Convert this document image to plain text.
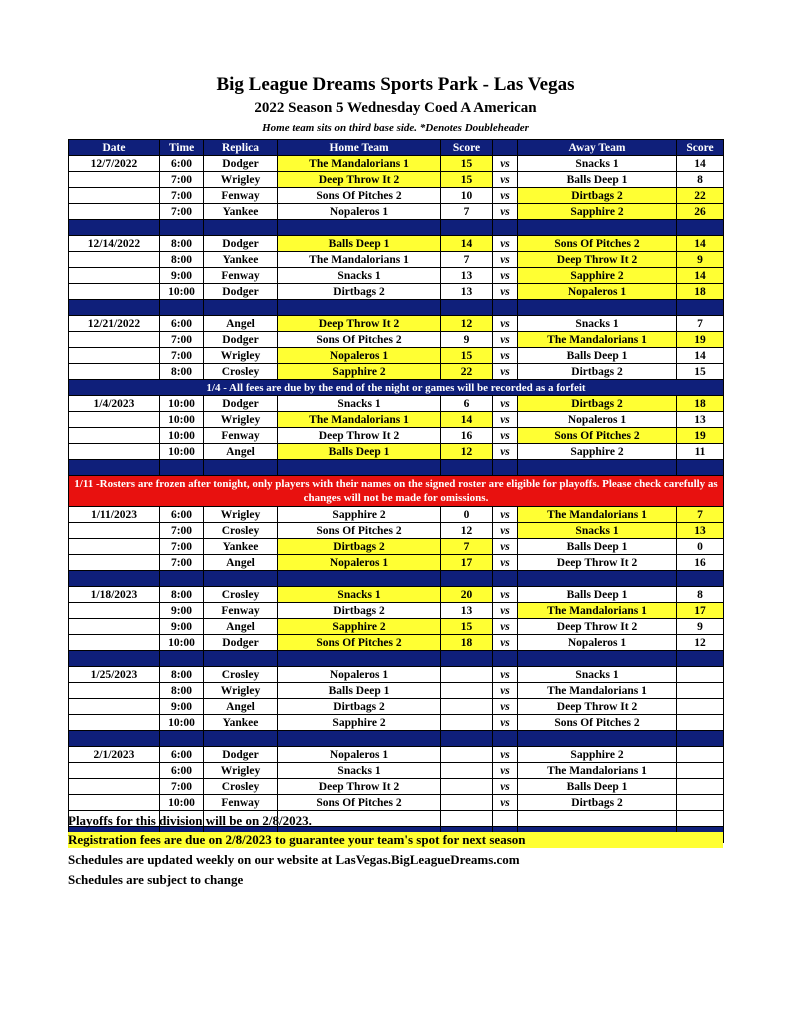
Big League Dreams Sports Park - Las Vegas
2022 Season 5 Wednesday Coed A American
Home team sits on third base side. *Denotes Doubleheader
Date	Time	Replica	Home Team	Score		Away Team	Score
12/7/2022	6:00	Dodger	The Mandalorians 1	15	vs	Snacks 1	14
	7:00	Wrigley	Deep Throw It 2	15	vs	Balls Deep 1	8
	7:00	Fenway	Sons Of Pitches 2	10	vs	Dirtbags 2	22
	7:00	Yankee	Nopaleros 1	7	vs	Sapphire 2	26

12/14/2022	8:00	Dodger	Balls Deep 1	14	vs	Sons Of Pitches 2	14
	8:00	Yankee	The Mandalorians 1	7	vs	Deep Throw It 2	9
	9:00	Fenway	Snacks 1	13	vs	Sapphire 2	14
	10:00	Dodger	Dirtbags 2	13	vs	Nopaleros 1	18

12/21/2022	6:00	Angel	Deep Throw It 2	12	vs	Snacks 1	7
	7:00	Dodger	Sons Of Pitches 2	9	vs	The Mandalorians 1	19
	7:00	Wrigley	Nopaleros 1	15	vs	Balls Deep 1	14
	8:00	Crosley	Sapphire 2	22	vs	Dirtbags 2	15
1/4 - All fees are due by the end of the night or games will be recorded as a forfeit							
1/4/2023	10:00	Dodger	Snacks 1	6	vs	Dirtbags 2	18
	10:00	Wrigley	The Mandalorians 1	14	vs	Nopaleros 1	13
	10:00	Fenway	Deep Throw It 2	16	vs	Sons Of Pitches 2	19
	10:00	Angel	Balls Deep 1	12	vs	Sapphire 2	11

1/11 -Rosters are frozen after tonight, only players with their names on the signed roster are eligible for playoffs. Please check carefully as changes will not be made for omissions.							
1/11/2023	6:00	Wrigley	Sapphire 2	0	vs	The Mandalorians 1	7
	7:00	Crosley	Sons Of Pitches 2	12	vs	Snacks 1	13
	7:00	Yankee	Dirtbags 2	7	vs	Balls Deep 1	0
	7:00	Angel	Nopaleros 1	17	vs	Deep Throw It 2	16

1/18/2023	8:00	Crosley	Snacks 1	20	vs	Balls Deep 1	8
	9:00	Fenway	Dirtbags 2	13	vs	The Mandalorians 1	17
	9:00	Angel	Sapphire 2	15	vs	Deep Throw It 2	9
	10:00	Dodger	Sons Of Pitches 2	18	vs	Nopaleros 1	12

1/25/2023	8:00	Crosley	Nopaleros 1		vs	Snacks 1	
	8:00	Wrigley	Balls Deep 1		vs	The Mandalorians 1	
	9:00	Angel	Dirtbags 2		vs	Deep Throw It 2	
	10:00	Yankee	Sapphire 2		vs	Sons Of Pitches 2	

2/1/2023	6:00	Dodger	Nopaleros 1		vs	Sapphire 2	
	6:00	Wrigley	Snacks 1		vs	The Mandalorians 1	
	7:00	Crosley	Deep Throw It 2		vs	Balls Deep 1	
	10:00	Fenway	Sons Of Pitches 2		vs	Dirtbags 2	

Playoffs for this division will be on 2/8/2023.
Registration fees are due on 2/8/2023 to guarantee your team's spot for next season
Schedules are updated weekly on our website at LasVegas.BigLeagueDreams.com
Schedules are subject to change
